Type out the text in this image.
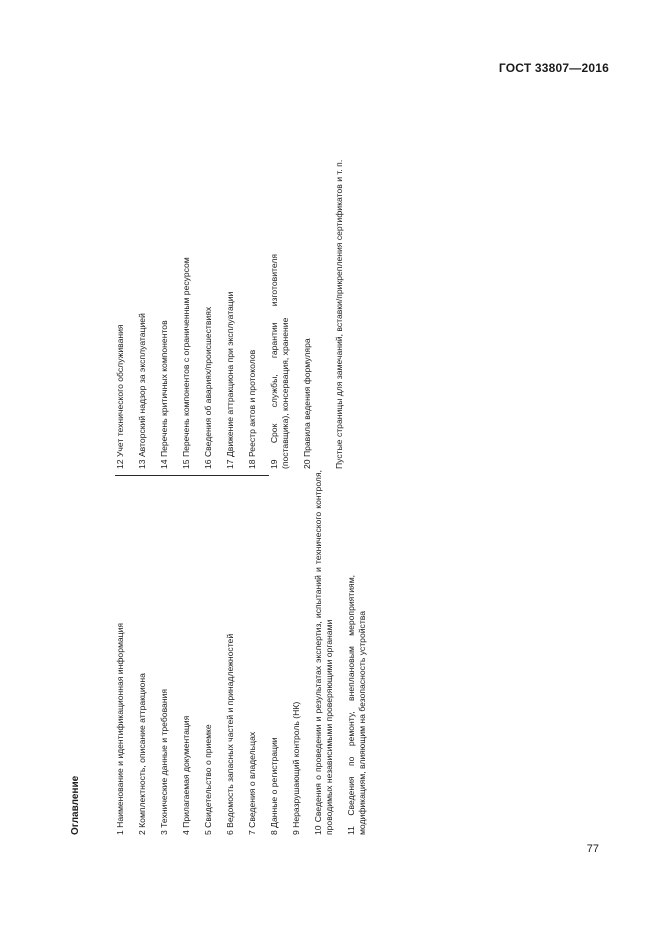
ГОСТ 33807—2016
Оглавление	1 Наименование и идентификационная информация 2 Комплектность, описание аттракциона 3 Технические данные и требования 4 Прилагаемая документация 5 Свидетельство о приемке 6 Ведомость запасных частей и принадлежностей 7 Сведения о владельцах 8 Данные о регистрации 9 Неразрушающий контроль (НК) 10 Сведения о проведении и результатах экспертиз, испытаний и технического контроля, проводимых независимыми проверяющими органами 11 Сведения по ремонту, внеплановым мероприятиям, модификациям, влияющим на безопасность устройства
12 Учет технического обслуживания 13 Авторский надзор за эксплуатацией 14 Перечень критичных компонентов 15 Перечень компонентов с ограниченным ресурсом 16 Сведения об авариях/происшествиях 17 Движение аттракциона при эксплуатации 18 Реестр актов и протоколов 19 Срок службы, гарантии изготовителя (поставщика), консервация, хранение 20 Правила ведения формуляра	Пустые страницы для замечаний, вставки/прикрепления сертификатов и т. п.
77
